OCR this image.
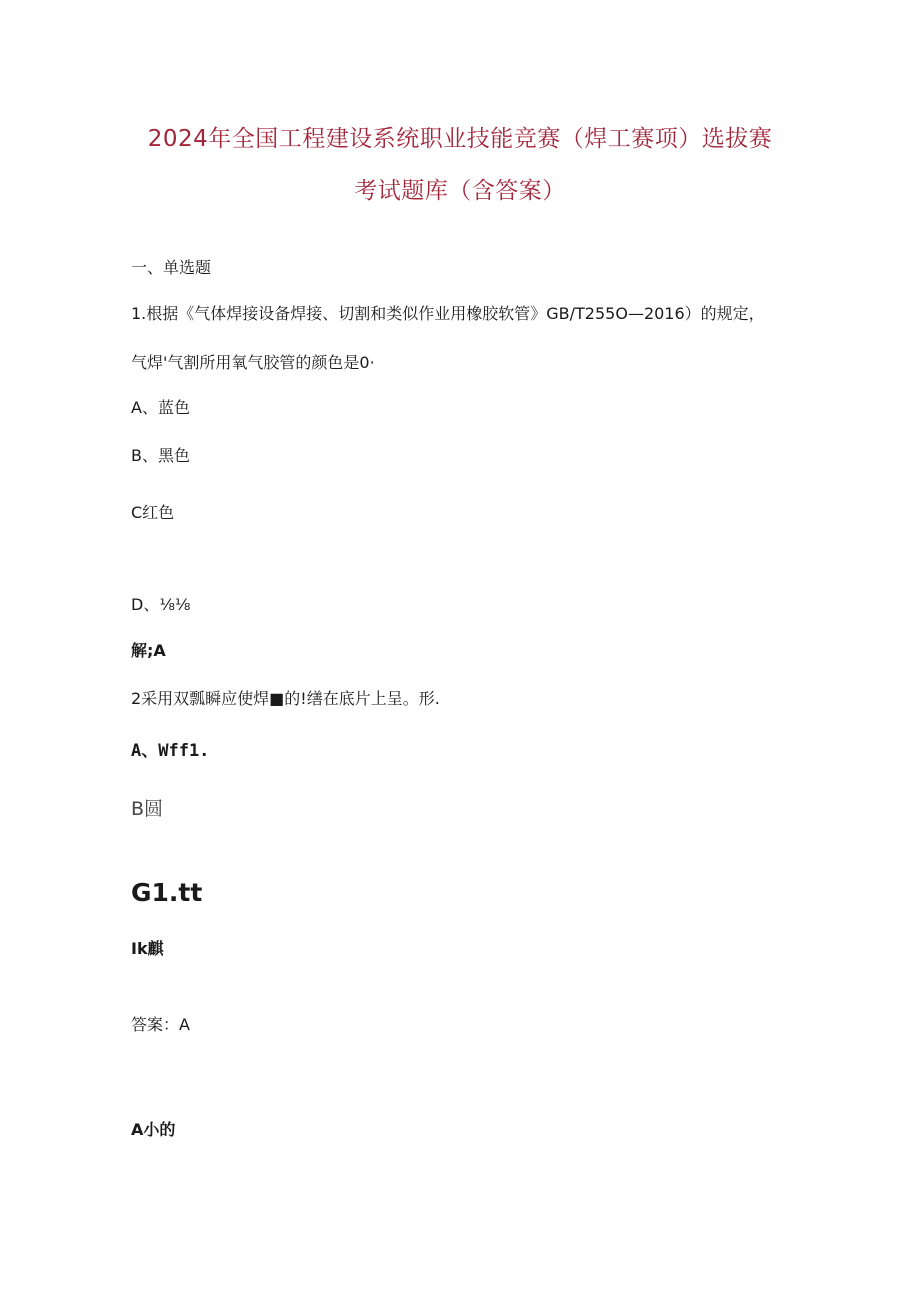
2024年全国工程建设系统职业技能竞赛（焊工赛项）选拔赛
考试题库（含答案）
一、单选题
1.根据《气体焊接设备焊接、切割和类似作业用橡胶软管》GB/T255O—2016）的规定，
气焊'气割所用氧气胶管的颜色是0·
A、蓝色
B、黑色
C红色
D、⅛⅛
解;A
2采用双瓢瞬应使焊■的!缮在底片上呈。形.
A、Wff1.
B圆
G1.tt
Ik麒
答案：A
A小的
